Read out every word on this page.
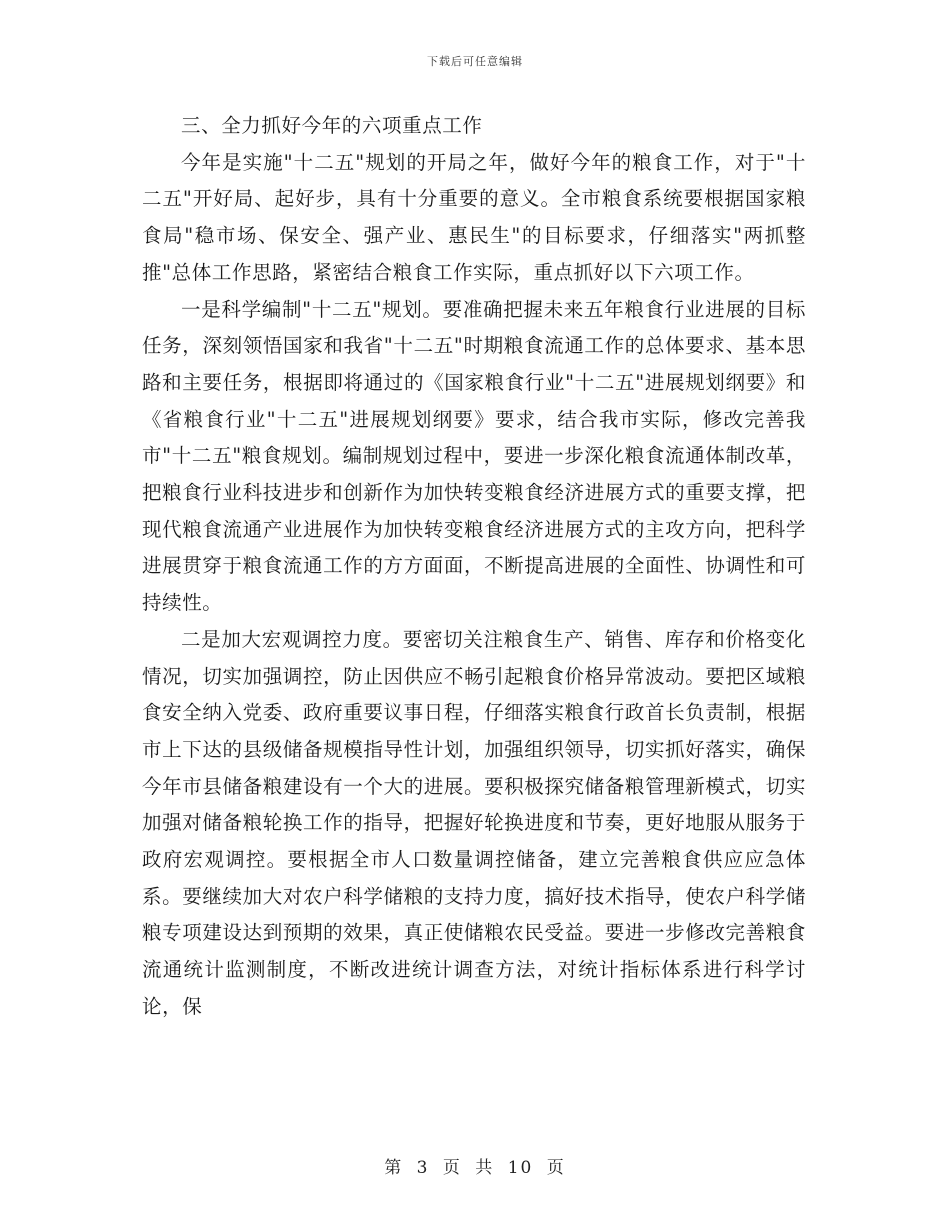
下载后可任意编辑

三、全力抓好今年的六项重点工作

今年是实施"十二五"规划的开局之年，做好今年的粮食工作，对于"十二五"开好局、起好步，具有十分重要的意义。全市粮食系统要根据国家粮食局"稳市场、保安全、强产业、惠民生"的目标要求，仔细落实"两抓整推"总体工作思路，紧密结合粮食工作实际，重点抓好以下六项工作。

一是科学编制"十二五"规划。要准确把握未来五年粮食行业进展的目标任务，深刻领悟国家和我省"十二五"时期粮食流通工作的总体要求、基本思路和主要任务，根据即将通过的《国家粮食行业"十二五"进展规划纲要》和《省粮食行业"十二五"进展规划纲要》要求，结合我市实际，修改完善我市"十二五"粮食规划。编制规划过程中，要进一步深化粮食流通体制改革，把粮食行业科技进步和创新作为加快转变粮食经济进展方式的重要支撑，把现代粮食流通产业进展作为加快转变粮食经济进展方式的主攻方向，把科学进展贯穿于粮食流通工作的方方面面，不断提高进展的全面性、协调性和可持续性。

二是加大宏观调控力度。要密切关注粮食生产、销售、库存和价格变化情况，切实加强调控，防止因供应不畅引起粮食价格异常波动。要把区域粮食安全纳入党委、政府重要议事日程，仔细落实粮食行政首长负责制，根据市上下达的县级储备规模指导性计划，加强组织领导，切实抓好落实，确保今年市县储备粮建设有一个大的进展。要积极探究储备粮管理新模式，切实加强对储备粮轮换工作的指导，把握好轮换进度和节奏，更好地服从服务于政府宏观调控。要根据全市人口数量调控储备，建立完善粮食供应应急体系。要继续加大对农户科学储粮的支持力度，搞好技术指导，使农户科学储粮专项建设达到预期的效果，真正使储粮农民受益。要进一步修改完善粮食流通统计监测制度，不断改进统计调查方法，对统计指标体系进行科学讨论，保

第 3 页 共 10 页
